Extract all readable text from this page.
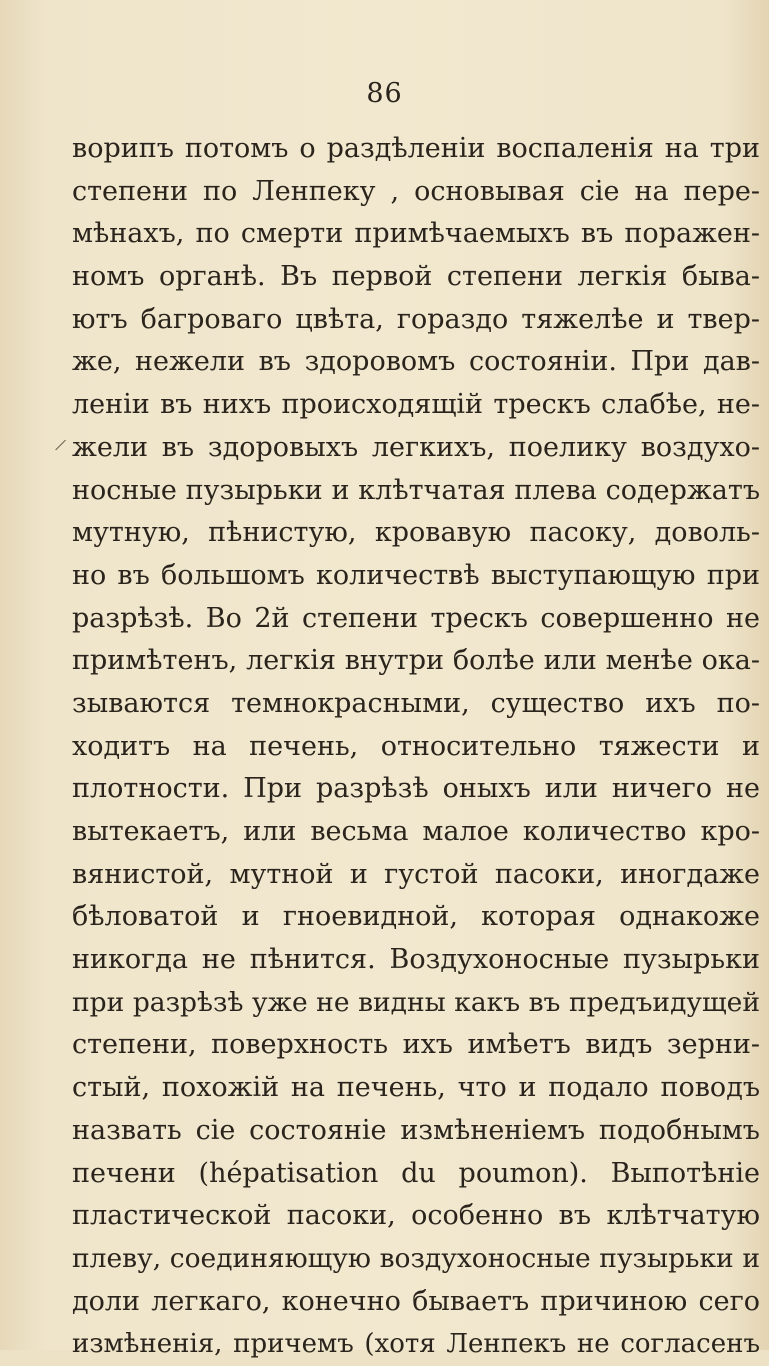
86
ворипъ потомъ о раздѣленіи воспаленія на три
степени по Ленпеку , основывая сіе на пере-
мѣнахъ, по смерти примѣчаемыхъ въ поражен-
номъ органѣ. Въ первой степени легкія быва-
ютъ багроваго цвѣта, гораздо тяжелѣе и твер-
же, нежели въ здоровомъ состояніи. При дав-
леніи въ нихъ происходящій трескъ слабѣе, не-
жели въ здоровыхъ легкихъ, поелику воздухо-
носные пузырьки и клѣтчатая плева содержатъ
мутную, пѣнистую, кровавую пасоку, доволь-
но въ большомъ количествѣ выступающую при
разрѣзѣ. Во 2й степени трескъ совершенно не
примѣтенъ, легкія внутри болѣе или менѣе ока-
зываются темнокрасными, существо ихъ по-
ходитъ на печень, относительно тяжести и
плотности. При разрѣзѣ оныхъ или ничего не
вытекаетъ, или весьма малое количество кро-
вянистой, мутной и густой пасоки, иногдаже
бѣловатой и гноевидной, которая однакоже
никогда не пѣнится. Воздухоносные пузырьки
при разрѣзѣ уже не видны какъ въ предъидущей
степени, поверхность ихъ имѣетъ видъ зерни-
стый, похожій на печень, что и подало поводъ
назвать сіе состояніе измѣненіемъ подобнымъ
печени (hépatisation du poumon). Выпотѣніе
пластической пасоки, особенно въ клѣтчатую
плеву, соединяющую воздухоносные пузырьки и
доли легкаго, конечно бываетъ причиною сего
измѣненія, причемъ (хотя Ленпекъ не согласенъ
